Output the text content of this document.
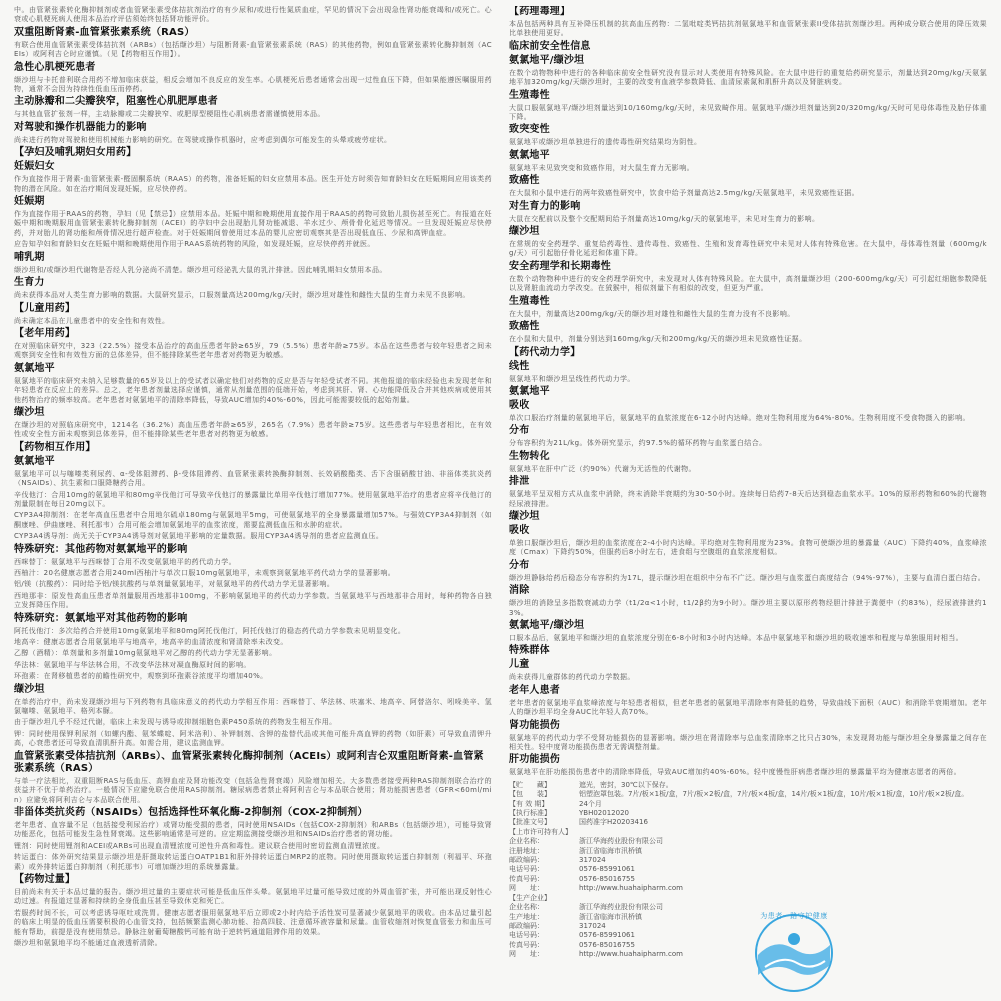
中。由管紧张素转化酶抑制剂或者血管紧张素受体拮抗剂治疗的有少尿和/或进行性氮质血症，罕见的情况下会出现急性肾功能衰竭和/或死亡。心衰或心肌梗死病人使用本品治疗评估须始终包括肾功能评价。
双重阻断肾素-血管紧张素系统（RAS）
有联合使用血管紧张素受体拮抗剂（ARBs）（包括缬沙坦）与阻断肾素-血管紧张素系统（RAS）的其他药物，例如血管紧张素转化酶抑制剂（ACEIs）或阿利吉仑时应谨慎。（见【药物相互作用】）。
急性心肌梗死患者
缬沙坦与卡托普利联合用药不增加临床获益，相反会增加不良反应的发生率。心肌梗死后患者通常会出现一过性血压下降，但如果能遵医嘱服用药物，通常不会因为持续性低血压而停药。
主动脉瓣和二尖瓣狭窄，阻塞性心肌肥厚患者
与其他血管扩张剂一样，主动脉瓣或二尖瓣狭窄、或肥厚型梗阻性心肌病患者需谨慎使用本品。
对驾驶和操作机器能力的影响
尚未进行药物对驾驶和使用机械能力影响的研究。在驾驶或操作机器时，应考虑到偶尔可能发生的头晕或疲劳症状。
【孕妇及哺乳期妇女用药】
妊娠妇女
作为直接作用于肾素-血管紧张素-醛固酮系统（RAAS）的药物，准备妊娠的妇女应禁用本品。医生开处方时须告知育龄妇女在妊娠期间应用该类药物的潜在风险。如在治疗期间发现妊娠，应尽快停药。
妊娠期
作为直接作用于RAAS的药物，孕妇（见【禁忌】）应禁用本品。妊娠中期和晚期使用直接作用于RAAS的药物可致胎儿损伤甚至死亡。有报道在妊娠中期和晚期服用血管紧张素转化酶抑制剂（ACEI）的孕妇中会出现胎儿肾功能减退、羊水过少、颅骨骨化延迟等情况。一旦发现妊娠应尽快停药，并对胎儿的肾功能和颅骨情况进行超声检查。对于妊娠期间曾使用过本品的婴儿应密切观察其是否出现低血压、少尿和高钾血症。
应告知孕妇和育龄妇女在妊娠中期和晚期使用作用于RAAS系统药物的风险，如发现妊娠，应尽快停药并就医。
哺乳期
缬沙坦和/或缬沙坦代谢物是否经人乳分泌尚不清楚。缬沙坦可经泌乳大鼠的乳汁排泄。因此哺乳期妇女禁用本品。
生育力
尚未获得本品对人类生育力影响的数据。大鼠研究显示，口服剂量高达200mg/kg/天时，缬沙坦对雄性和雌性大鼠的生育力未见不良影响。
【儿童用药】
尚未确定本品在儿童患者中的安全性和有效性。
【老年用药】
在对照临床研究中，323（22.5%）接受本品治疗的高血压患者年龄≥65岁，79（5.5%）患者年龄≥75岁。本品在这些患者与较年轻患者之间未观察到安全性和有效性方面的总体差异，但不能排除某些老年患者对药物更为敏感。
氨氯地平
氨氯地平的临床研究未纳入足够数量的65岁及以上的受试者以确定他们对药物的反应是否与年轻受试者不同。其他报道的临床经验也未发现老年和年轻患者在反应上的差异。总之，老年患者剂量选择应谨慎，通常从剂量范围的低端开始，考虑到其肝、肾、心功能降低及合并其他疾病或使用其他药物治疗的频率较高。老年患者对氨氯地平的清除率降低，导致AUC增加约40%-60%，因此可能需要较低的起始剂量。
缬沙坦
在缬沙坦的对照临床研究中，1214名（36.2%）高血压患者年龄≥65岁，265名（7.9%）患者年龄≥75岁。这些患者与年轻患者相比，在有效性或安全性方面未观察到总体差异，但不能排除某些老年患者对药物更为敏感。
【药物相互作用】
氨氯地平
氨氯地平可以与噻嗪类利尿药、α-受体阻滞药、β-受体阻滞药、血管紧张素转换酶抑制剂、长效硝酸酯类、舌下含服硝酸甘油、非甾体类抗炎药（NSAIDs）、抗生素和口服降糖药合用。
辛伐他汀：合用10mg的氨氯地平和80mg辛伐他汀可导致辛伐他汀的暴露量比单用辛伐他汀增加77%。使用氨氯地平治疗的患者应将辛伐他汀的剂量限制在每日20mg以下。
CYP3A4抑制剂：在老年高血压患者中合用地尔硫卓180mg与氨氯地平5mg，可使氨氯地平的全身暴露量增加57%。与强效CYP3A4抑制剂（如酮康唑、伊曲康唑、利托那韦）合用可能会增加氨氯地平的血浆浓度，需要监测低血压和水肿的症状。
CYP3A4诱导剂：尚无关于CYP3A4诱导剂对氨氯地平影响的定量数据。服用CYP3A4诱导剂的患者应监测血压。
特殊研究：其他药物对氨氯地平的影响
西咪替丁：氨氯地平与西咪替丁合用不改变氨氯地平的药代动力学。
西柚汁：20名健康志愿者合用240ml西柚汁与单次口服10mg氨氯地平，未观察到氨氯地平药代动力学的显著影响。
铝/镁（抗酸药）：同时给予铝/镁抗酸药与单剂量氨氯地平，对氨氯地平的药代动力学无显著影响。
西地那非：原发性高血压患者单剂量服用西地那非100mg，不影响氨氯地平的药代动力学参数。当氨氯地平与西地那非合用时，每种药物各自独立发挥降压作用。
特殊研究：氨氯地平对其他药物的影响
阿托伐他汀：多次给药合并使用10mg氨氯地平和80mg阿托伐他汀，阿托伐他汀的稳态药代动力学参数未见明显变化。
地高辛：健康志愿者合用氨氯地平与地高辛，地高辛的血清浓度和肾清除率未改变。
乙醇（酒精）：单剂量和多剂量10mg氨氯地平对乙醇的药代动力学无显著影响。
华法林：氨氯地平与华法林合用，不改变华法林对凝血酶原时间的影响。
环孢素：在肾移植患者的前瞻性研究中，观察到环孢素谷浓度平均增加40%。
缬沙坦
在单药治疗中，尚未发现缬沙坦与下列药物有具临床意义的药代动力学相互作用：西咪替丁、华法林、呋塞米、地高辛、阿替洛尔、吲哚美辛、氢氯噻嗪、氨氯地平、格列本脲。
由于缬沙坦几乎不经过代谢，临床上未发现与诱导或抑制细胞色素P450系统的药物发生相互作用。
钾：同时使用保钾利尿剂（如螺内酯、氨苯蝶啶、阿米洛利）、补钾制剂、含钾的盐替代品或其他可能升高血钾的药物（如肝素）可导致血清钾升高，心衰患者还可导致血清肌酐升高。如需合用，建议监测血钾。
血管紧张素受体拮抗剂（ARBs）、血管紧张素转化酶抑制剂（ACEIs）或阿利吉仑双重阻断肾素-血管紧张素系统（RAS）
与单一疗法相比，双重阻断RAS与低血压、高钾血症及肾功能改变（包括急性肾衰竭）风险增加相关。大多数患者接受两种RAS抑制剂联合治疗的获益并不优于单药治疗。一般情况下应避免联合使用RAS抑制剂。糖尿病患者禁止将阿利吉仑与本品联合使用；肾功能损害患者（GFR<60ml/min）应避免将阿利吉仑与本品联合使用。
非甾体类抗炎药（NSAIDs）包括选择性环氧化酶-2抑制剂（COX-2抑制剂）
老年患者、血容量不足（包括接受利尿治疗）或肾功能受损的患者，同时使用NSAIDs（包括COX-2抑制剂）和ARBs（包括缬沙坦），可能导致肾功能恶化，包括可能发生急性肾衰竭。这些影响通常是可逆的。应定期监测接受缬沙坦和NSAIDs治疗患者的肾功能。
锂剂：同时使用锂剂和ACEI或ARBs可出现血清锂浓度可逆性升高和毒性。建议联合使用时密切监测血清锂浓度。
转运蛋白：体外研究结果显示缬沙坦是肝摄取转运蛋白OATP1B1和肝外排转运蛋白MRP2的底物。同时使用摄取转运蛋白抑制剂（利福平、环孢素）或外排转运蛋白抑制剂（利托那韦）可增加缬沙坦的系统暴露量。
【药物过量】
目前尚未有关于本品过量的报告。缬沙坦过量的主要症状可能是低血压伴头晕。氨氯地平过量可能导致过度的外周血管扩张，并可能出现反射性心动过速。有报道过显著和持续的全身低血压甚至导致休克和死亡。
若服药时间不长，可以考虑诱导呕吐或洗胃。健康志愿者服用氨氯地平后立即或2小时内给予活性炭可显著减少氨氯地平的吸收。由本品过量引起的临床上明显的低血压需要积极的心血管支持，包括频繁监测心肺功能、抬高四肢、注意循环液容量和尿量。血管收缩剂对恢复血管张力和血压可能有帮助，前提是没有使用禁忌。静脉注射葡萄糖酸钙可能有助于逆转钙通道阻滞作用的效果。
缬沙坦和氨氯地平均不能通过血液透析清除。
【药理毒理】
本品包括两种具有互补降压机制的抗高血压药物：二氢吡啶类钙拮抗剂氨氯地平和血管紧张素II受体拮抗剂缬沙坦。两种成分联合使用的降压效果比单独使用更好。
临床前安全性信息
氨氯地平/缬沙坦
在数个动物物种中进行的各种临床前安全性研究没有显示对人类使用有特殊风险。在大鼠中进行的重复给药研究显示，剂量达到20mg/kg/天氨氯地平加320mg/kg/天缬沙坦时，主要的改变有血液学参数降低、血清尿素氮和肌酐升高以及肾脏病变。
生殖毒性
大鼠口服氨氯地平/缬沙坦剂量达到10/160mg/kg/天时，未见致畸作用。氨氯地平/缬沙坦剂量达到20/320mg/kg/天时可见母体毒性及胎仔体重下降。
致突变性
氨氯地平或缬沙坦单独进行的遗传毒性研究结果均为阴性。
氨氯地平
氨氯地平未见致突变和致癌作用，对大鼠生育力无影响。
致癌性
在大鼠和小鼠中进行的两年致癌性研究中，饮食中给予剂量高达2.5mg/kg/天氨氯地平，未见致癌性证据。
对生育力的影响
大鼠在交配前以及整个交配期间给予剂量高达10mg/kg/天的氨氯地平，未见对生育力的影响。
缬沙坦
在常规的安全药理学、重复给药毒性、遗传毒性、致癌性、生殖和发育毒性研究中未见对人体有特殊危害。在大鼠中，母体毒性剂量（600mg/kg/天）可引起胎仔骨化延迟和体重下降。
安全药理学和长期毒性
在数个动物物种中进行的安全药理学研究中，未发现对人体有特殊风险。在大鼠中，高剂量缬沙坦（200-600mg/kg/天）可引起红细胞参数降低以及肾脏血流动力学改变。在狨猴中，相似剂量下有相似的改变，但更为严重。
生殖毒性
在大鼠中，剂量高达200mg/kg/天的缬沙坦对雄性和雌性大鼠的生育力没有不良影响。
致癌性
在小鼠和大鼠中，剂量分别达到160mg/kg/天和200mg/kg/天的缬沙坦未见致癌性证据。
【药代动力学】
线性
氨氯地平和缬沙坦呈线性药代动力学。
氨氯地平
吸收
单次口服治疗剂量的氨氯地平后，氨氯地平的血浆浓度在6-12小时内达峰。绝对生物利用度为64%-80%。生物利用度不受食物摄入的影响。
分布
分布容积约为21L/kg。体外研究显示，约97.5%的循环药物与血浆蛋白结合。
生物转化
氨氯地平在肝中广泛（约90%）代谢为无活性的代谢物。
排泄
氨氯地平呈双相方式从血浆中消除，终末消除半衰期约为30-50小时。连续每日给药7-8天后达到稳态血浆水平。10%的原形药物和60%的代谢物经尿液排泄。
缬沙坦
吸收
单独口服缬沙坦后，缬沙坦的血浆浓度在2-4小时内达峰。平均绝对生物利用度为23%。食物可使缬沙坦的暴露量（AUC）下降约40%，血浆峰浓度（Cmax）下降约50%，但服药后8小时左右，进食组与空腹组的血浆浓度相似。
分布
缬沙坦静脉给药后稳态分布容积约为17L，提示缬沙坦在组织中分布不广泛。缬沙坦与血浆蛋白高度结合（94%-97%），主要与血清白蛋白结合。
消除
缬沙坦的消除呈多指数衰减动力学（t1/2α<1小时，t1/2β约为9小时）。缬沙坦主要以原形药物经胆汁排泄于粪便中（约83%），经尿液排泄约13%。
氨氯地平/缬沙坦
口服本品后，氨氯地平和缬沙坦的血浆浓度分别在6-8小时和3小时内达峰。本品中氨氯地平和缬沙坦的吸收速率和程度与单独服用时相当。
特殊群体
儿童
尚未获得儿童群体的药代动力学数据。
老年人患者
老年患者的氨氯地平血浆峰浓度与年轻患者相似，但老年患者的氨氯地平清除率有降低的趋势，导致曲线下面积（AUC）和消除半衰期增加。老年人的缬沙坦平均全身AUC比年轻人高70%。
肾功能损伤
氨氯地平的药代动力学不受肾功能损伤的显著影响。缬沙坦在肾清除率与总血浆清除率之比只占30%，未发现肾功能与缬沙坦全身暴露量之间存在相关性。轻中度肾功能损伤患者无需调整剂量。
肝功能损伤
氨氯地平在肝功能损伤患者中的清除率降低，导致AUC增加约40%-60%。轻中度慢性肝病患者缬沙坦的暴露量平均为健康志愿者的两倍。
【贮　　藏】	遮光，密封，30℃以下保存。
【包　　装】	铝塑泡罩包装。7片/板×1板/盒，7片/板×2板/盒，7片/板×4板/盒，14片/板×1板/盒，10片/板×1板/盒，10片/板×2板/盒。
【有 效 期】	24个月
【执行标准】	YBH02012020
【批准文号】	国药准字H20203416
【上市许可持有人】
企业名称：	浙江华海药业股份有限公司
注册地址：	浙江省临海市汛桥镇
邮政编码：	317024
电话号码：	0576-85991061
传真号码：	0576-85016755
网　　址：	http://www.huahaipharm.com
【生产企业】
企业名称：	浙江华海药业股份有限公司
生产地址：	浙江省临海市汛桥镇
邮政编码：	317024
电话号码：	0576-85991061
传真号码：	0576-85016755
网　　址：	http://www.huahaipharm.com
为患者一路守护健康
